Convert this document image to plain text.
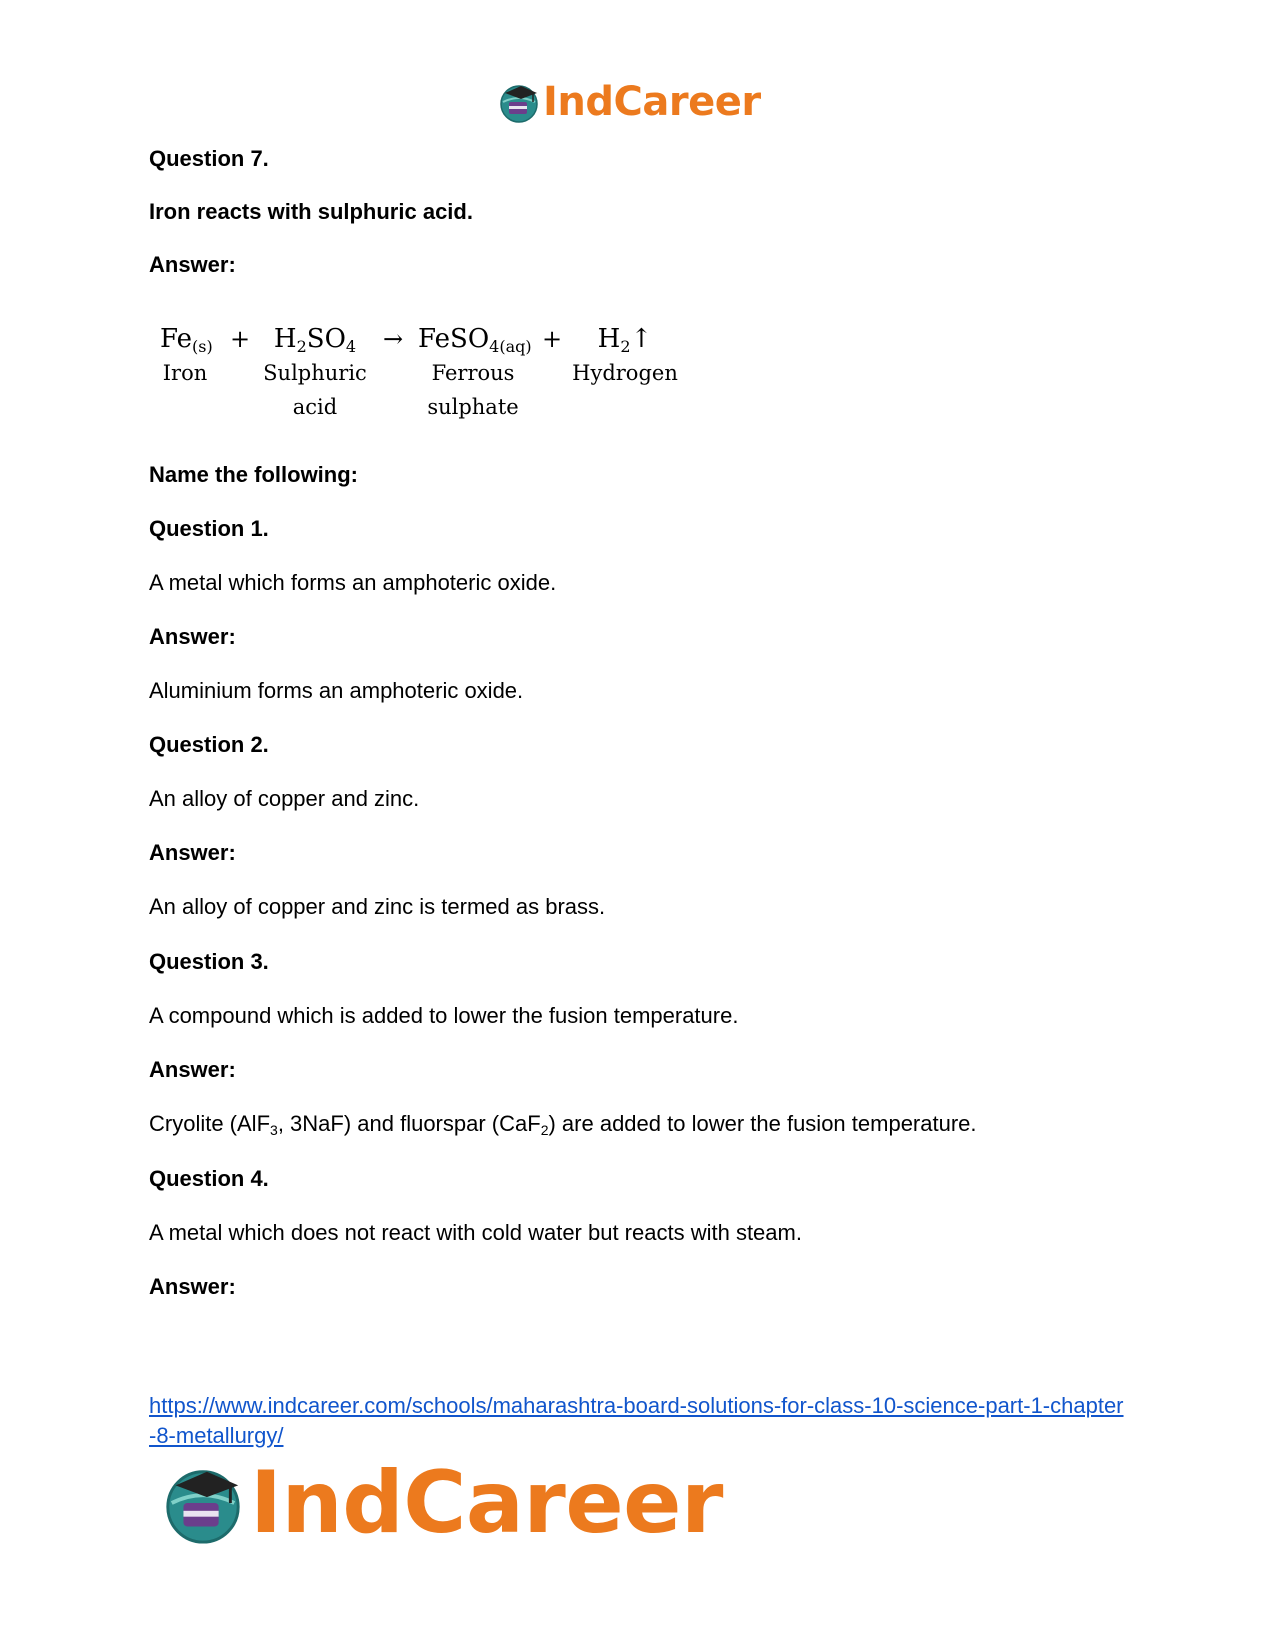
IndCareer
Question 7.
Iron reacts with sulphuric acid.
Answer:
$Fe_{(s)}$
Iron
+ $H_2SO_4$
Sulphuric
acid
→ FeSO$_{4(aq)}$
Ferrous
sulphate
+	$H_2↑$
Hydrogen
Name the following:
Question 1.
A metal which forms an amphoteric oxide.
Answer:
Aluminium forms an amphoteric oxide.
Question 2.
An alloy of copper and zinc.
Answer:
An alloy of copper and zinc is termed as brass.
Question 3.
A compound which is added to lower the fusion temperature.
Answer:
Cryolite (AlF$_3$, 3NaF) and fluorspar (CaF$_2$) are added to lower the fusion temperature.
Question 4.
A metal which does not react with cold water but reacts with steam.
Answer:
https://www.indcareer.com/schools/maharashtra-board-solutions-for-class-10-science-part-1-chapter-8-metallurgy/
IndCareer
